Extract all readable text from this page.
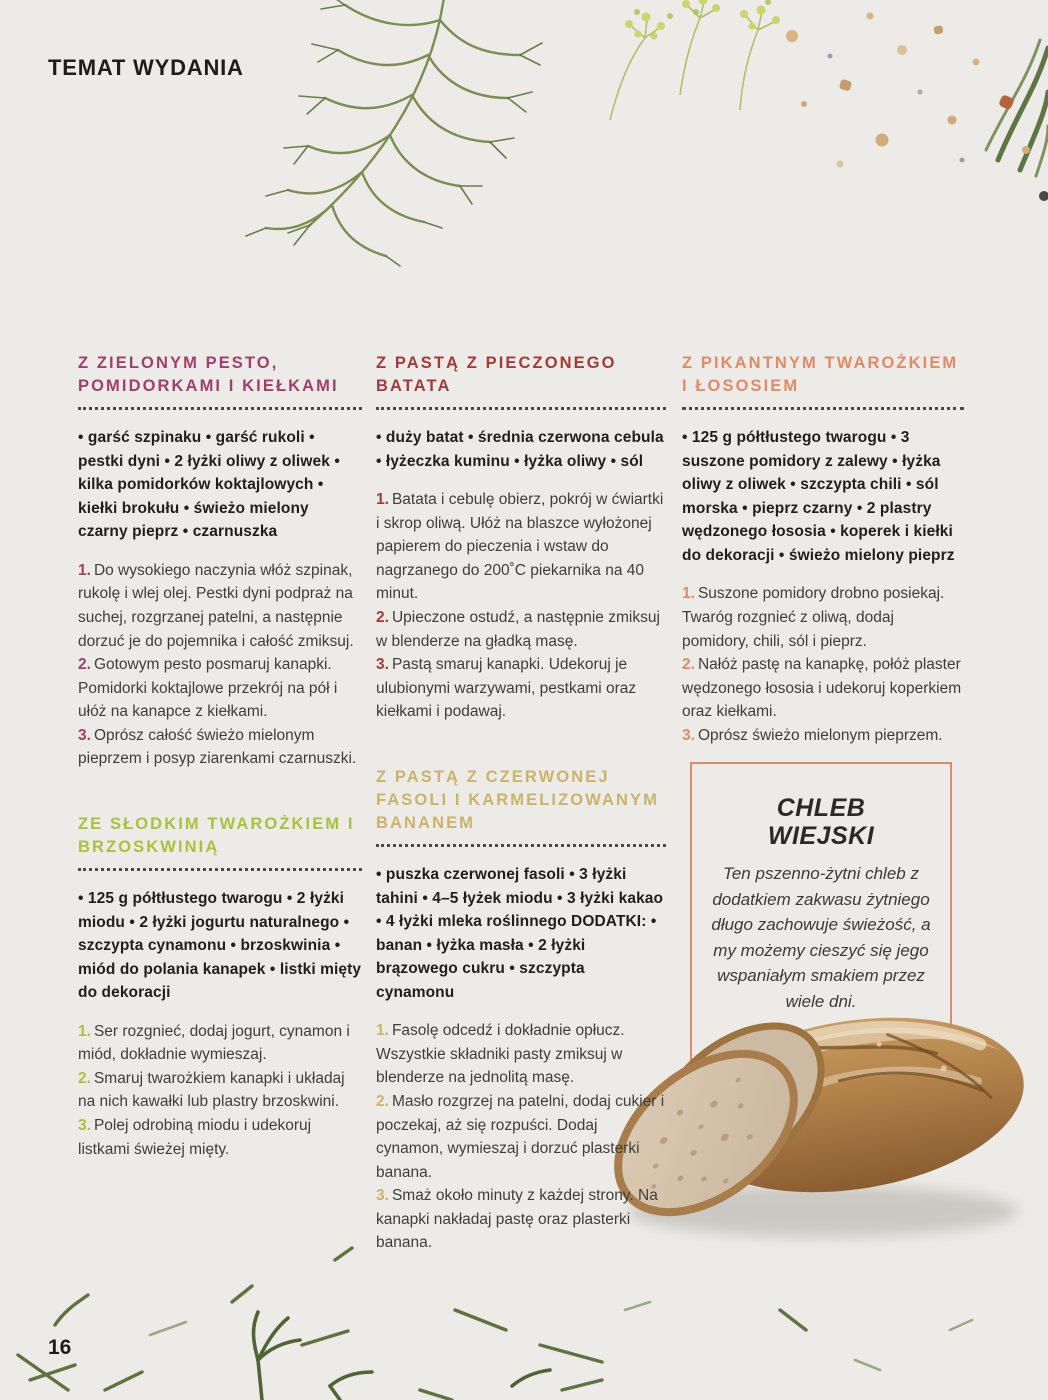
TEMAT WYDANIA
Z ZIELONYM PESTO, POMIDORKAMI I KIEŁKAMI

• garść szpinaku • garść rukoli • pestki dyni • 2 łyżki oliwy z oliwek • kilka pomidorków koktajlowych • kiełki brokułu • świeżo mielony czarny pieprz • czarnuszka

1. Do wysokiego naczynia włóż szpinak, rukolę i wlej olej. Pestki dyni podpraż na suchej, rozgrzanej patelni, a następnie dorzuć je do pojemnika i całość zmiksuj.

2. Gotowym pesto posmaruj kanapki. Pomidorki koktajlowe przekrój na pół i ułóż na kanapce z kiełkami.

3. Oprósz całość świeżo mielonym pieprzem i posyp ziarenkami czarnuszki.

ZE SŁODKIM TWAROŻKIEM I BRZOSKWINIĄ

• 125 g półtłustego twarogu • 2 łyżki miodu • 2 łyżki jogurtu naturalnego • szczypta cynamonu • brzoskwinia • miód do polania kanapek • listki mięty do dekoracji

1. Ser rozgnieć, dodaj jogurt, cynamon i miód, dokładnie wymieszaj.

2. Smaruj twarożkiem kanapki i układaj na nich kawałki lub plastry brzoskwini.

3. Polej odrobiną miodu i udekoruj listkami świeżej mięty.

Z PASTĄ Z PIECZONEGO BATATA

• duży batat • średnia czerwona cebula • łyżeczka kuminu • łyżka oliwy • sól

1. Batata i cebulę obierz, pokrój w ćwiartki i skrop oliwą. Ułóż na blaszce wyłożonej papierem do pieczenia i wstaw do nagrzanego do 200˚C piekarnika na 40 minut.

2. Upieczone ostudź, a następnie zmiksuj w blenderze na gładką masę.

3. Pastą smaruj kanapki. Udekoruj je ulubionymi warzywami, pestkami oraz kiełkami i podawaj.

Z PASTĄ Z CZERWONEJ FASOLI I KARMELIZOWANYM BANANEM

• puszka czerwonej fasoli • 3 łyżki tahini • 4–5 łyżek miodu • 3 łyżki kakao • 4 łyżki mleka roślinnego DODATKI: • banan • łyżka masła • 2 łyżki brązowego cukru • szczypta cynamonu

1. Fasolę odcedź i dokładnie opłucz. Wszystkie składniki pasty zmiksuj w blenderze na jednolitą masę.

2. Masło rozgrzej na patelni, dodaj cukier i poczekaj, aż się rozpuści. Dodaj cynamon, wymieszaj i dorzuć plasterki banana.

3. Smaż około minuty z każdej strony. Na kanapki nakładaj pastę oraz plasterki banana.

Z PIKANTNYM TWAROŻKIEM I ŁOSOSIEM

• 125 g półtłustego twarogu • 3 suszone pomidory z zalewy • łyżka oliwy z oliwek • szczypta chili • sól morska • pieprz czarny • 2 plastry wędzonego łososia • koperek i kiełki do dekoracji • świeżo mielony pieprz

1. Suszone pomidory drobno posiekaj. Twaróg rozgnieć z oliwą, dodaj pomidory, chili, sól i pieprz.

2. Nałóż pastę na kanapkę, połóż plaster wędzonego łososia i udekoruj koperkiem oraz kiełkami.

3. Oprósz świeżo mielonym pieprzem.

CHLEB
WIEJSKI

Ten pszenno-żytni chleb z dodatkiem zakwasu żytniego długo zachowuje świeżość, a my możemy cieszyć się jego wspaniałym smakiem przez wiele dni.

16
